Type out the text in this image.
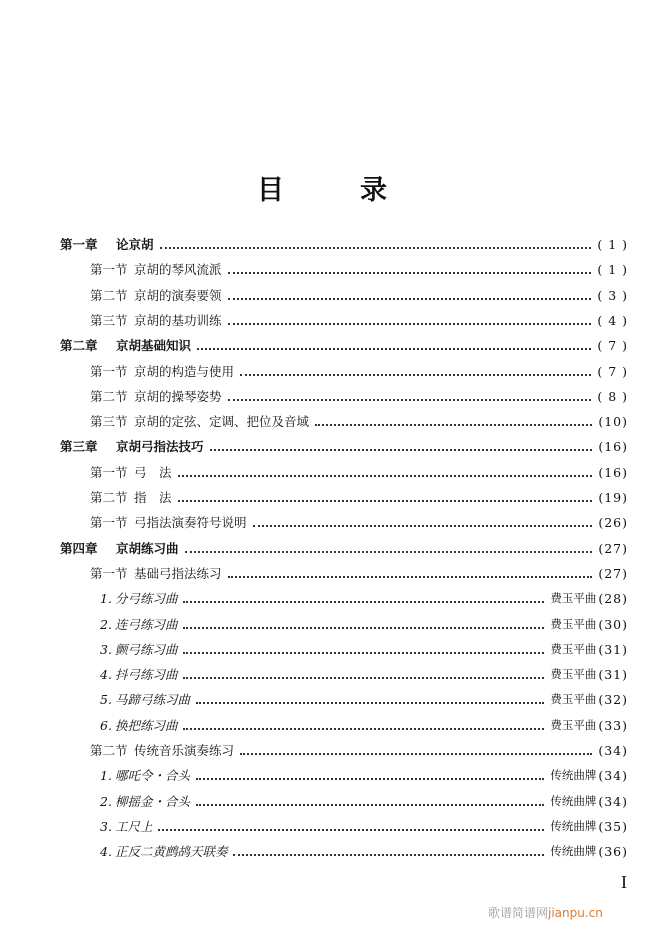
目	录
第一章 论京胡	( 1 )
第一节 京胡的琴风流派	( 1 )
第二节 京胡的演奏要领	( 3 )
第三节 京胡的基功训练	( 4 )
第二章 京胡基础知识	( 7 )
第一节 京胡的构造与使用	( 7 )
第二节 京胡的操琴姿势	( 8 )
第三节 京胡的定弦、定调、把位及音域	(10)
第三章 京胡弓指法技巧	(16)
第一节 弓　法	(16)
第二节 指　法	(19)
第一节 弓指法演奏符号说明	(26)
第四章 京胡练习曲	(27)
第一节 基础弓指法练习	(27)
1. 分弓练习曲	费玉平曲 (28)
2. 连弓练习曲	费玉平曲 (30)
3. 颤弓练习曲	费玉平曲 (31)
4. 抖弓练习曲	费玉平曲 (31)
5. 马蹄弓练习曲	费玉平曲 (32)
6. 换把练习曲	费玉平曲 (33)
第二节 传统音乐演奏练习	(34)
1. 哪吒令・合头	传统曲牌 (34)
2. 柳摇金・合头	传统曲牌 (34)
3. 工尺上	传统曲牌 (35)
4. 正反二黄鹧鸪天联奏	传统曲牌 (36)
I
歌谱简谱网jianpu.cn
